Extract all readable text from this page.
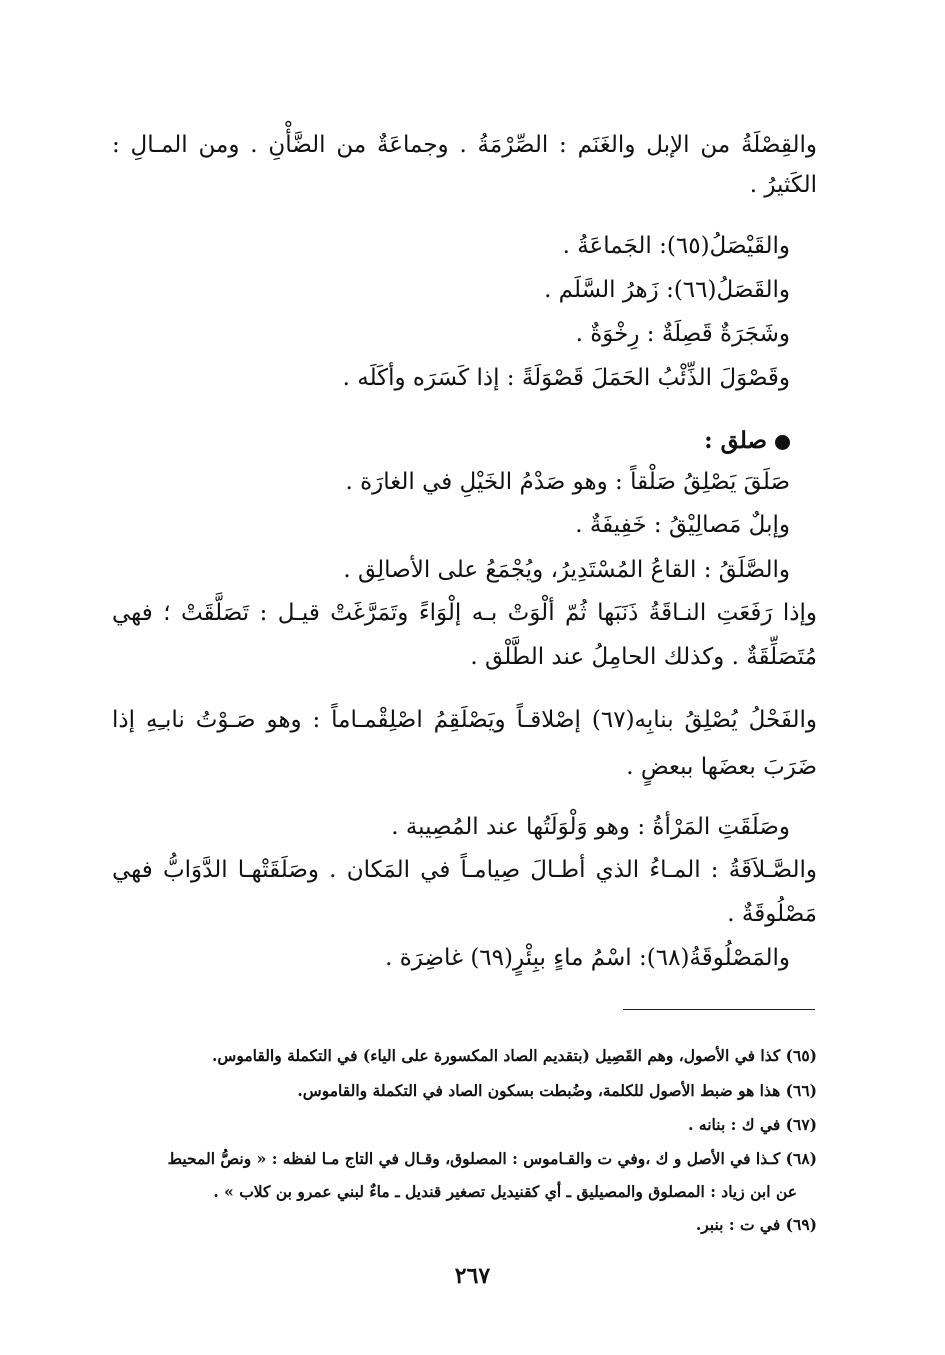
والقِصْلَةُ من الإبل والغَنَم : الصِّرْمَةُ . وجماعَةٌ من الضَّأْنِ . ومن المـالِ :
الكَثيرُ .
والقَيْصَلُ(٦٥): الجَماعَةُ .
والقَصَلُ(٦٦): زَهرُ السَّلَم .
وشَجَرَةٌ قَصِلَةٌ : رِخْوَةٌ .
وقَصْوَلَ الذِّئْبُ الحَمَلَ قَصْوَلَةً : إذا كَسَرَه وأكَلَه .
صلق :
صَلَقَ يَصْلِقُ صَلْقاً : وهو صَدْمُ الخَيْلِ في الغارَة .
وإبلٌ مَصالِيْقُ : خَفِيفَةٌ .
والصَّلَقُ : القاعُ المُسْتَدِيرُ، ويُجْمَعُ على الأصالِق .
وإذا رَفَعَتِ النـاقَةُ ذَنَبَها ثُمّ ألْوَتْ بـه إلْوَاءً وتَمَرَّغَتْ قيـل : تَصَلَّقَتْ ؛ فهي
مُتَصَلِّقَةٌ . وكذلك الحامِلُ عند الطَّلْق .
والفَحْلُ يُصْلِقُ بنابِه(٦٧) إصْلاقـاً ويَصْلَقِمُ اصْلِقْمـاماً : وهو صَـوْتُ نابـِهِ إذا
ضَرَبَ بعضَها ببعضٍ .
وصَلَقَتِ المَرْأةُ : وهو وَلْوَلَتُها عند المُصِيبة .
والصَّـلاَقَةُ : المـاءُ الذي أطـالَ صِيامـاً في المَكان . وصَلَقَتْهـا الدَّوَابُّ فهي
مَصْلُوقَةٌ .
والمَصْلُوقَةُ(٦٨): اسْمُ ماءٍ ببِئْرٍ(٦٩) غاضِرَة .
(٦٥) كذا في الأصول، وهم القَصِيل (بتقديم الصاد المكسورة على الياء) في التكملة والقاموس.
(٦٦) هذا هو ضبط الأصول للكلمة، وضُبطت بسكون الصاد في التكملة والقاموس.
(٦٧) في ك : بنانه .
(٦٨) كـذا في الأصل و ك ،وفي ت والقـاموس : المصلوق، وقـال في التاج مـا لفظه : « ونصُّ المحيط
عن ابن زياد : المصلوق والمصيليق ـ أي كقنيديل تصغير قنديل ـ ماءٌ لبني عمرو بن كلاب » .
(٦٩) في ت : بنبر.
٢٦٧
